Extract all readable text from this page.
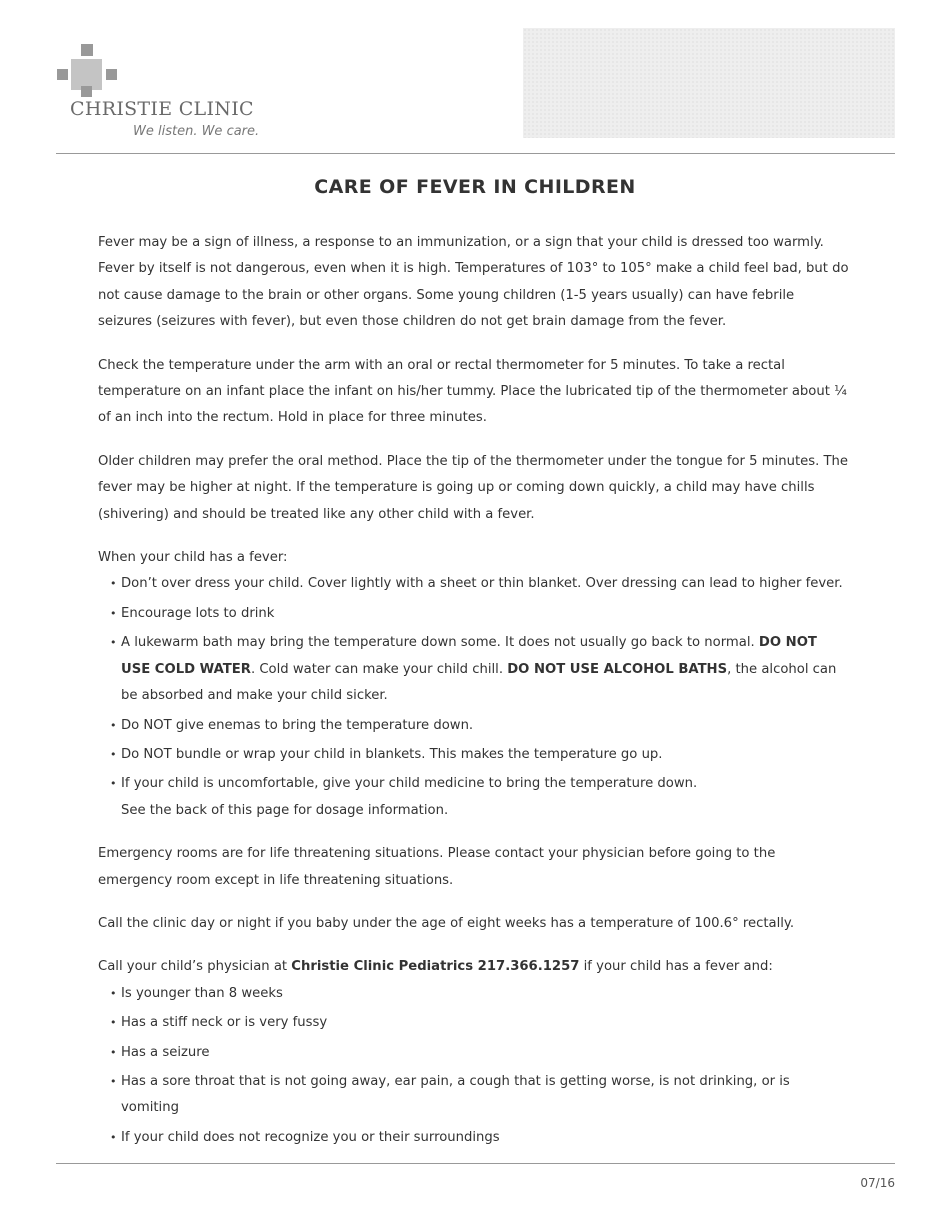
CHRISTIE CLINIC
We listen. We care.
CARE OF FEVER IN CHILDREN

Fever may be a sign of illness, a response to an immunization, or a sign that your child is dressed too warmly. Fever by itself is not dangerous, even when it is high. Temperatures of 103° to 105° make a child feel bad, but do not cause damage to the brain or other organs. Some young children (1-5 years usually) can have febrile seizures (seizures with fever), but even those children do not get brain damage from the fever.

Check the temperature under the arm with an oral or rectal thermometer for 5 minutes. To take a rectal temperature on an infant place the infant on his/her tummy. Place the lubricated tip of the thermometer about ¼ of an inch into the rectum. Hold in place for three minutes.

Older children may prefer the oral method. Place the tip of the thermometer under the tongue for 5 minutes. The fever may be higher at night. If the temperature is going up or coming down quickly, a child may have chills (shivering) and should be treated like any other child with a fever.

When your child has a fever:

• Don’t over dress your child. Cover lightly with a sheet or thin blanket. Over dressing can lead to higher fever.
• Encourage lots to drink
• A lukewarm bath may bring the temperature down some. It does not usually go back to normal. DO NOT USE COLD WATER. Cold water can make your child chill. DO NOT USE ALCOHOL BATHS, the alcohol can be absorbed and make your child sicker.
• Do NOT give enemas to bring the temperature down.
• Do NOT bundle or wrap your child in blankets. This makes the temperature go up.
• If your child is uncomfortable, give your child medicine to bring the temperature down.
See the back of this page for dosage information.

Emergency rooms are for life threatening situations. Please contact your physician before going to the emergency room except in life threatening situations.

Call the clinic day or night if you baby under the age of eight weeks has a temperature of 100.6° rectally.

Call your child’s physician at Christie Clinic Pediatrics 217.366.1257 if your child has a fever and:

• Is younger than 8 weeks
• Has a stiff neck or is very fussy
• Has a seizure
• Has a sore throat that is not going away, ear pain, a cough that is getting worse, is not drinking, or is vomiting
• If your child does not recognize you or their surroundings
07/16
